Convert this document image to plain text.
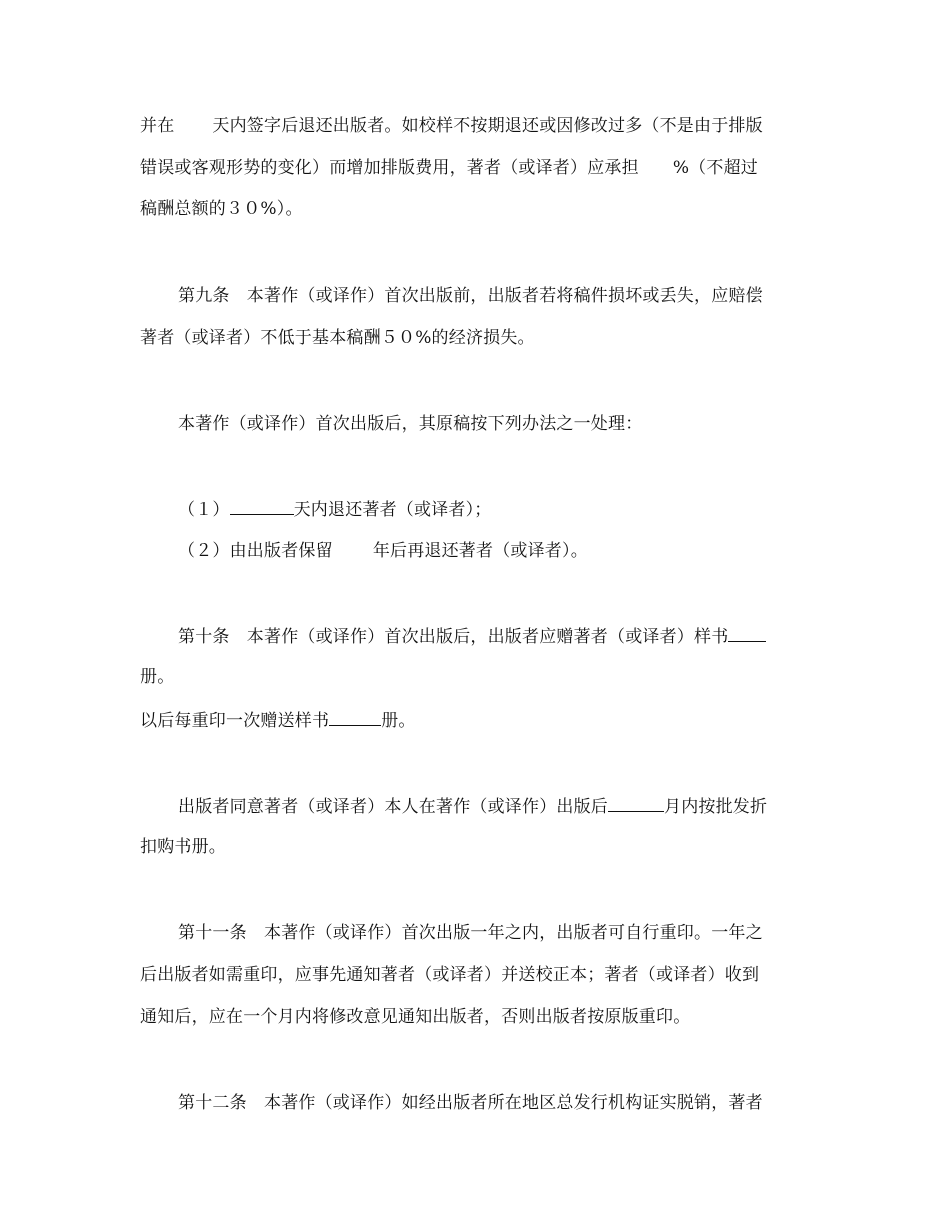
并在 天内签字后退还出版者。如校样不按期退还或因修改过多（不是由于排版

错误或客观形势的变化）而增加排版费用，著者（或译者）应承担 %（不超过

稿酬总额的３０%）。

第九条　本著作（或译作）首次出版前，出版者若将稿件损坏或丢失，应赔偿

著者（或译者）不低于基本稿酬５０%的经济损失。

本著作（或译作）首次出版后，其原稿按下列办法之一处理：

（１）	天内退还著者（或译者）；

（２）由出版者保留 年后再退还著者（或译者）。

第十条　本著作（或译作）首次出版后，出版者应赠著者（或译者）样书

册。

以后每重印一次赠送样书	册。

出版者同意著者（或译者）本人在著作（或译作）出版后	月内按批发折

扣购书册。

第十一条　本著作（或译作）首次出版一年之内，出版者可自行重印。一年之

后出版者如需重印，应事先通知著者（或译者）并送校正本；著者（或译者）收到

通知后，应在一个月内将修改意见通知出版者，否则出版者按原版重印。

第十二条　本著作（或译作）如经出版者所在地区总发行机构证实脱销，著者
